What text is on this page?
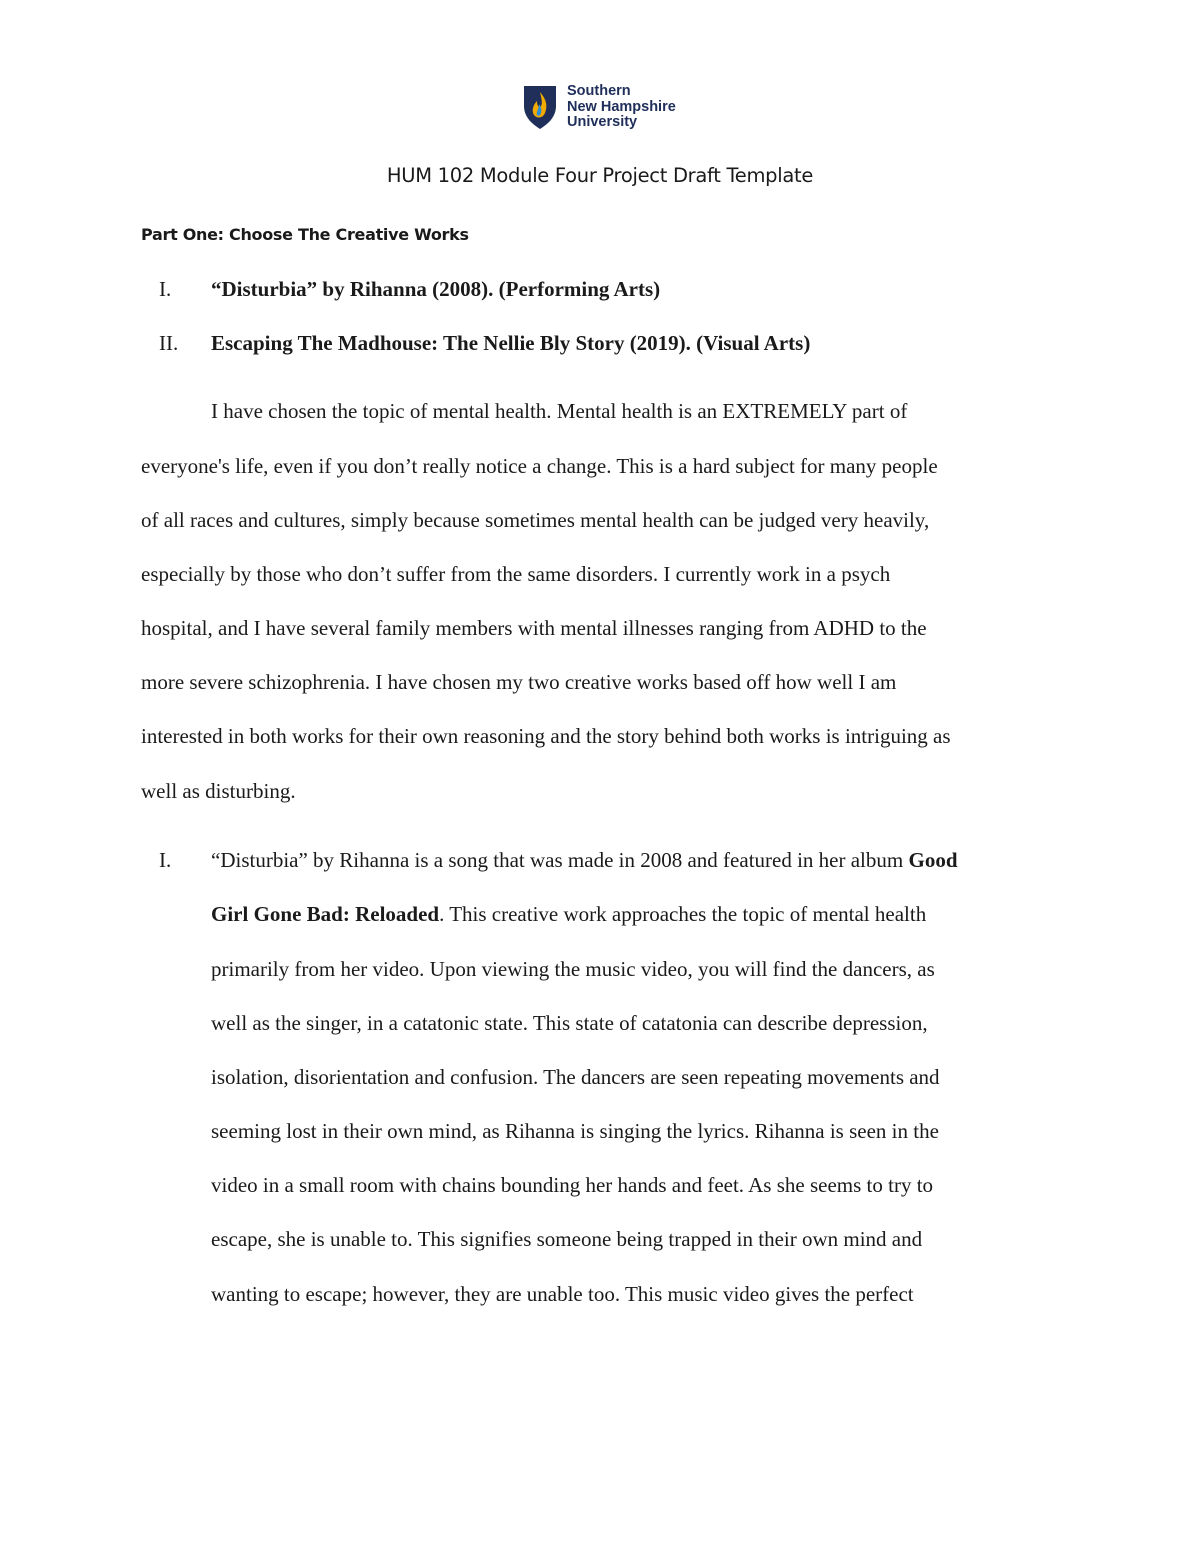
Southern
New Hampshire
University
HUM 102 Module Four Project Draft Template
Part One: Choose The Creative Works
I. “Disturbia” by Rihanna (2008). (Performing Arts)
II. Escaping The Madhouse: The Nellie Bly Story (2019). (Visual Arts)
I have chosen the topic of mental health. Mental health is an EXTREMELY part of
everyone's life, even if you don’t really notice a change. This is a hard subject for many people
of all races and cultures, simply because sometimes mental health can be judged very heavily,
especially by those who don’t suffer from the same disorders. I currently work in a psych
hospital, and I have several family members with mental illnesses ranging from ADHD to the
more severe schizophrenia. I have chosen my two creative works based off how well I am
interested in both works for their own reasoning and the story behind both works is intriguing as
well as disturbing.
I. “Disturbia” by Rihanna is a song that was made in 2008 and featured in her album Good
Girl Gone Bad: Reloaded. This creative work approaches the topic of mental health
primarily from her video. Upon viewing the music video, you will find the dancers, as
well as the singer, in a catatonic state. This state of catatonia can describe depression,
isolation, disorientation and confusion. The dancers are seen repeating movements and
seeming lost in their own mind, as Rihanna is singing the lyrics. Rihanna is seen in the
video in a small room with chains bounding her hands and feet. As she seems to try to
escape, she is unable to. This signifies someone being trapped in their own mind and
wanting to escape; however, they are unable too. This music video gives the perfect
